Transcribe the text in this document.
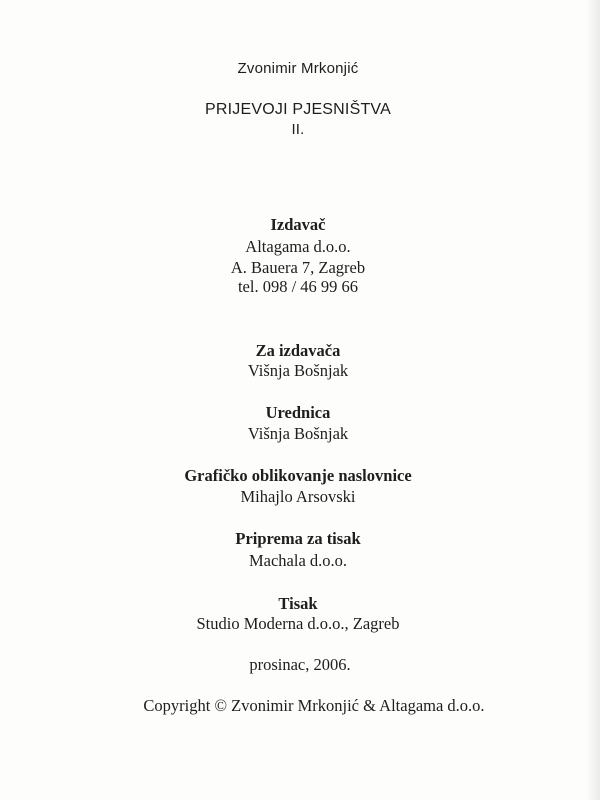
Zvonimir Mrkonjić
PRIJEVOJI PJESNIŠTVA
II.
Izdavač
Altagama d.o.o.
A. Bauera 7, Zagreb
tel. 098 / 46 99 66
Za izdavača
Višnja Bošnjak
Urednica
Višnja Bošnjak
Grafičko oblikovanje naslovnice
Mihajlo Arsovski
Priprema za tisak
Machala d.o.o.
Tisak
Studio Moderna d.o.o., Zagreb
prosinac, 2006.
Copyright © Zvonimir Mrkonjić & Altagama d.o.o.
